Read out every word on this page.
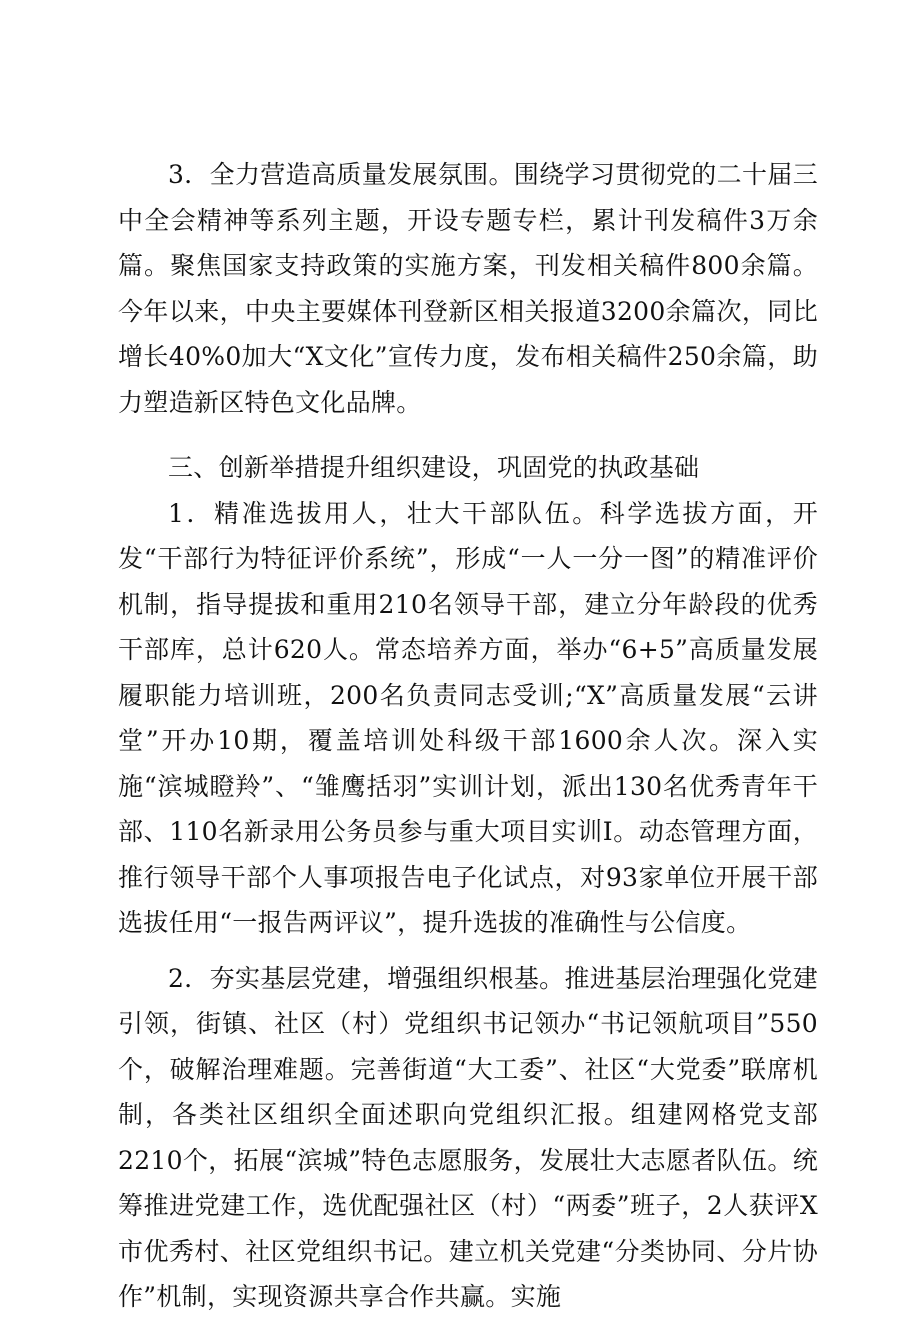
3．全力营造高质量发展氛围。围绕学习贯彻党的二十届三中全会精神等系列主题，开设专题专栏，累计刊发稿件3万余篇。聚焦国家支持政策的实施方案，刊发相关稿件800余篇。今年以来，中央主要媒体刊登新区相关报道3200余篇次，同比增长40%0加大“X文化”宣传力度，发布相关稿件250余篇，助力塑造新区特色文化品牌。

三、创新举措提升组织建设，巩固党的执政基础

1．精准选拔用人，壮大干部队伍。科学选拔方面，开发“干部行为特征评价系统”，形成“一人一分一图”的精准评价机制，指导提拔和重用210名领导干部，建立分年龄段的优秀干部库，总计620人。常态培养方面，举办“6+5”高质量发展履职能力培训班，200名负责同志受训;“X”高质量发展“云讲堂”开办10期，覆盖培训处科级干部1600余人次。深入实施“滨城瞪羚”、“雏鹰括羽”实训计划，派出130名优秀青年干部、110名新录用公务员参与重大项目实训I。动态管理方面，推行领导干部个人事项报告电子化试点，对93家单位开展干部选拔任用“一报告两评议”，提升选拔的准确性与公信度。

2．夯实基层党建，增强组织根基。推进基层治理强化党建引领，街镇、社区（村）党组织书记领办“书记领航项目”550个，破解治理难题。完善街道“大工委”、社区“大党委”联席机制，各类社区组织全面述职向党组织汇报。组建网格党支部2210个，拓展“滨城”特色志愿服务，发展壮大志愿者队伍。统筹推进党建工作，选优配强社区（村）“两委”班子，2人获评X市优秀村、社区党组织书记。建立机关党建“分类协同、分片协作”机制，实现资源共享合作共赢。实施
